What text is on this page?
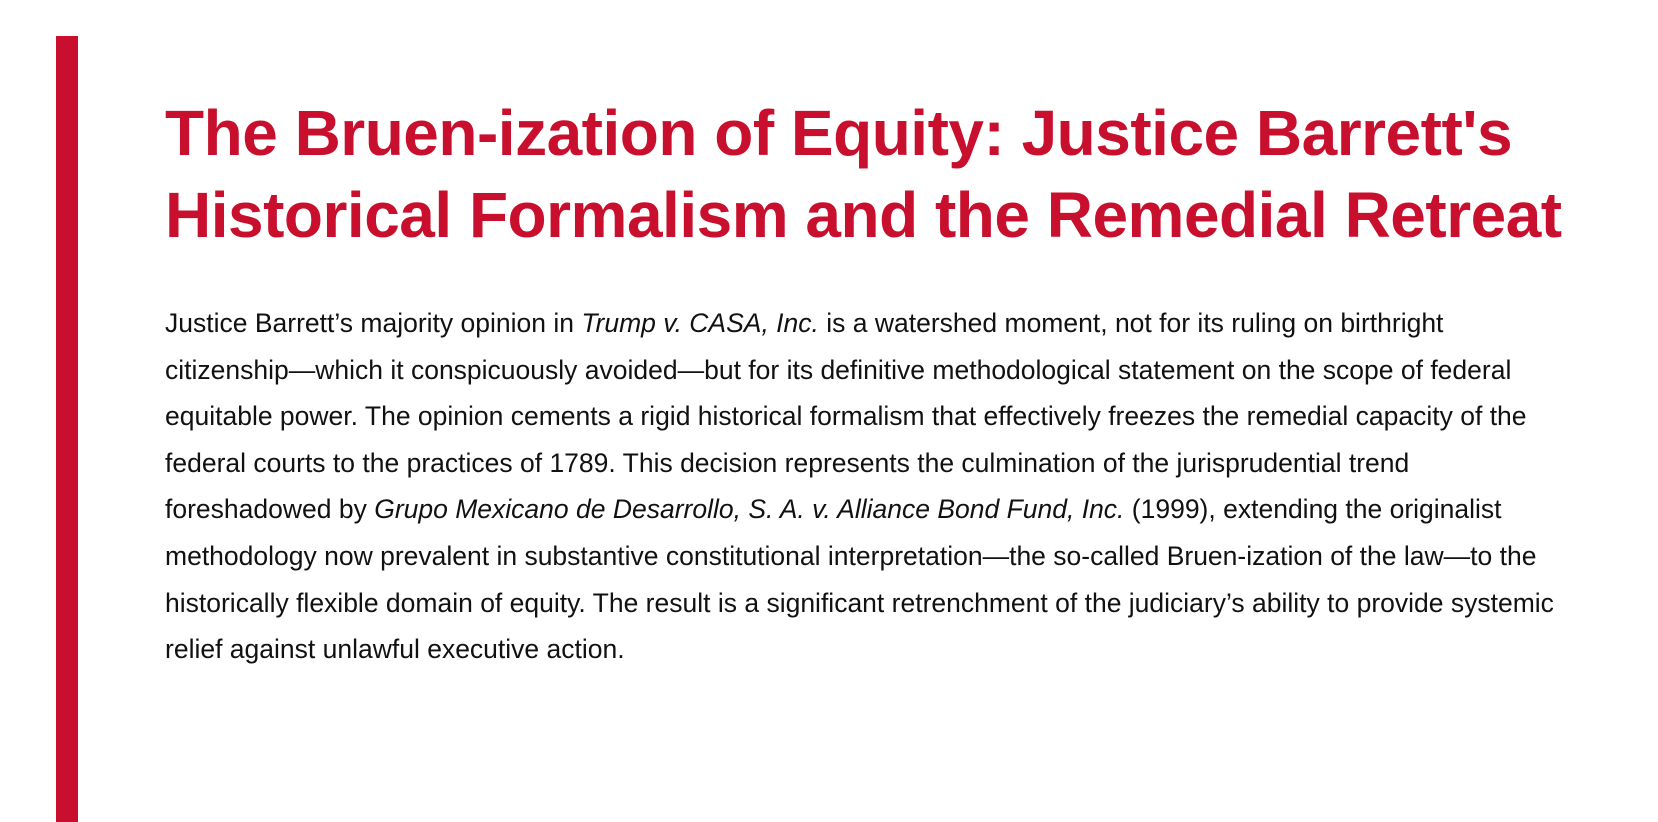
The Bruen-ization of Equity: Justice Barrett's Historical Formalism and the Remedial Retreat

Justice Barrett’s majority opinion in Trump v. CASA, Inc. is a watershed moment, not for its ruling on birthright citizenship—which it conspicuously avoided—but for its definitive methodological statement on the scope of federal equitable power. The opinion cements a rigid historical formalism that effectively freezes the remedial capacity of the federal courts to the practices of 1789. This decision represents the culmination of the jurisprudential trend foreshadowed by Grupo Mexicano de Desarrollo, S. A. v. Alliance Bond Fund, Inc. (1999), extending the originalist methodology now prevalent in substantive constitutional interpretation—the so-called Bruen-ization of the law—to the historically flexible domain of equity. The result is a significant retrenchment of the judiciary’s ability to provide systemic relief against unlawful executive action.
